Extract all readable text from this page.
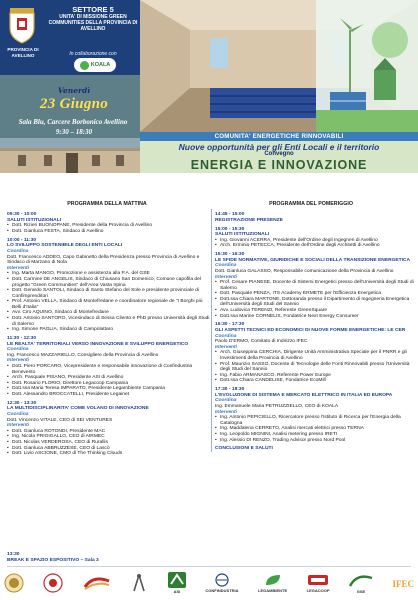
PROVINCIA DI AVELLINO
SETTORE 5
UNITA' DI MISSIONE GREEN COMMUNITIES DELLA PROVINCIA DI AVELLINO
In collaborazione con
KOALA
Venerdì
23 Giugno
Sala Blu, Carcere Borbonico Avellino
9:30 – 18:30
COMUNITA' ENERGETICHE RINNOVABILI
Nuove opportunità per gli Enti Locali e il territorio
Convegno
ENERGIA E INNOVAZIONE
PROGRAMMA DELLA MATTINA	PROGRAMMA DEL POMERIGGIO
09:30 - 10:00
SALUTI ISTITUZIONALI
• Dott. Rizieri BUONOPANE, Presidente della Provincia di Avellino
• Dott. Gianluca FESTA, Sindaco di Avellino
10:00 - 11:30
LO SVILUPPO SOSTENIBILE DEGLI ENTI LOCALI
Coordina
Dott. Francesco ADDEO, Capo Gabinetto della Presidenza presso Provincia di Avellino e Sindaco di Marzano di Nola
Interventi
• Ing. Marta MANGO, Promozione e assistenza alla P.A. del GSE
• Dott. Carmine DE ANGELIS, Sindaco di Chiusano San Domenico, Comune capofila del progetto "Green Communities" dell'Area Vasta Irpina
• Dott. Gerardo SANTOLI, Sindaco di Santo Stefano del Sole e presidente provinciale di Confimprenditori
• Prof. Antonio VELLA, Sindaco di Montefredane e coordinatore regionale de "I Borghi più Belli d'Italia"
• Avv. Ciro AQUINO, Sindaco di Montefredane
• Dott. Antonio SANTORO, Vicesindaco di Sessa Cilento e PhD presso Università degli Studi di Salerno
• Ing. Simone PAGLIA, Sindaco di Campolattaro
11:30 - 12:30
LE REALTA' TERRITORIALI VERSO INNOVAZIONE E SVILUPPO ENERGETICO
Coordina
Ing. Francesco MAZZARIELLO, Consigliere della Provincia di Avellino
Interventi
• Dott. Piero PORCARO, Vicepresidente e responsabile innovazione di Confindustria Benevento
• Arch. Pasquale PISANO, Presidente ASI di Avellino
• Dott. Rosario FLORIO, Direttore Legacoop Campania
• Dott.ssa Maria Teresa IMPARATO, Presidente Legambiente Campania
• Dott. Alessandro BROCCATELLI, Presidente Legainet
12:30 - 13:30
LA MULTIDISCIPLINARITA' COME VOLANO DI INNOVAZIONE
Coordina
Dott. Vincenzo VITALE, CEO di SEI VENTURES
Interventi
• Dott. Gianluca ROTONDI, Presidente MAC
• Ing. Nicola PRIGIGALLO, CEO di AIRMEC
• Dott. Nicolas VERDEROSA, CEO di Rurallis
• Dott. Gianluca ABBRUZZESE, CEO di Lascò
• Dott. Livio ASCIONE, CMO di The Thinking Clouds
14:45 - 15:00
REGISTRAZIONE PRESENZE
15:00 - 15:30
SALUTI ISTITUZIONALI
• Ing. Giovanni ACERRA, Presidente dell'Ordine degli Ingegneri di Avellino
• Arch. Erminio PETECCA, Presidente dell'Ordine degli Architetti di Avellino
15:30 - 16:30
LE SFIDE NORMATIVE, GIURIDICHE E SOCIALI DELLA TRANSIZIONE ENERGETICA
Coordina
Dott. Gianluca GALASSO, Responsabile comunicazione della Provincia di Avellino
Interventi
• Prof. Cesare PIANESE, Docente di Sistemi Energetici presso dell'Università degli Studi di Salerno
• Dott. Pasquale PENZA, ITS Academy ERMETE per l'Efficienza Energetica
• Dott.ssa Chiara MARTONE, Dottoranda presso il Dipartimento di Ingegneria Energetica dell'Università degli Studi del Sannio
• Avv. Ludovica TERENZI, Referente GreenSquare
• Dott.ssa Marine CORNELIS, Fondatrice Next Energy Consumer
16:30 - 17:30
GLI ASPETTI TECNICI ED ECONOMICI DI NUOVE FORME ENERGETICHE: LE CER
Coordina
Paolo D'ERMO, Comitato di Indirizzo IFEC
Interventi
• Arch. Giuseppina CERCHIA, Dirigente Unità Amministrativa Speciale per il PNRR e gli Investimenti della Provincia di Avellino
• Prof. Maurizio SASSO, Docente di Tecnologie delle Fonti Rinnovabili presso l'Università degli Studi del Sannio
• Ing. Fabio ARMANASCO, Referente Power Europe
• Dott.ssa Chiara CANDELISE, Fondatrice EcoMill
17:30 - 18:30
L'EVOLUZIONE DI SISTEMA E MERCATO ELETTRICO IN ITALIA ED EUROPA
Coordina
Ing. Emmanuele Maria PETRUZZIELLO, CEO di KOALA
Interventi
• Ing. Antonio PEPICIELLO, Ricercatore presso l'Istituto di Ricerca per l'Energia della Catalogna
• Ing. Maddalena CERRETO, Analisi mercati elettrici presso TERNA
• Ing. Leopoldo MIGNINI, Analisi metering presso IRETI
• Ing. Alessio DI RENZO, Trading Advisor presso Nord Pool
CONCLUSIONI E SALUTI
13:30
BREAK E SPAZIO ESPOSITIVO – Sala 3
ASI	CONFINDUSTRIA	LEGAMBIENTE	LEGACOOP	GSE
IFEC
